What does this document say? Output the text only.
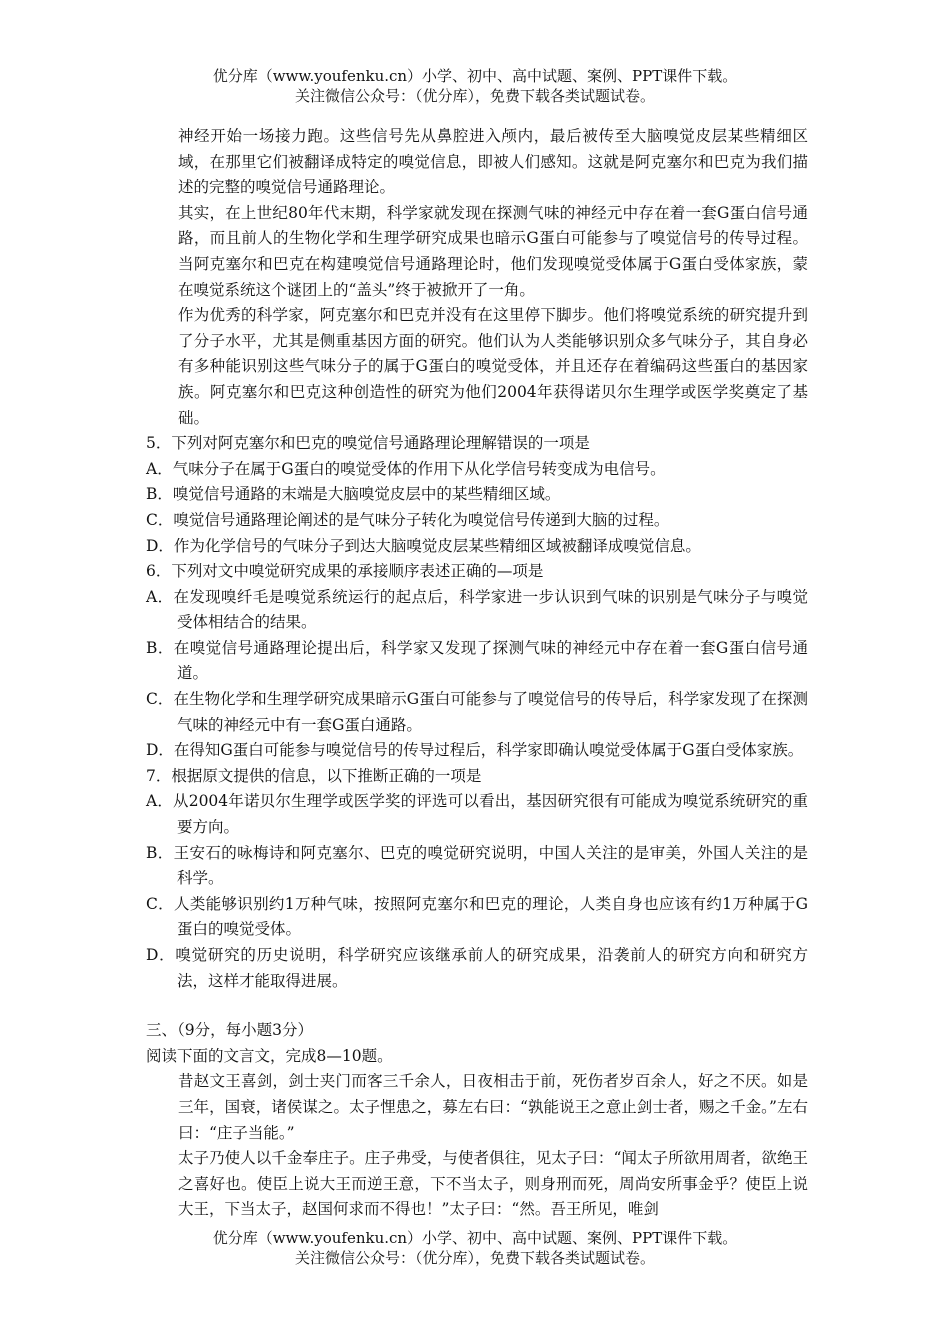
优分库（www.youfenku.cn）小学、初中、高中试题、案例、PPT课件下载。
关注微信公众号：（优分库），免费下载各类试题试卷。
神经开始一场接力跑。这些信号先从鼻腔进入颅内，最后被传至大脑嗅觉皮层某些精细区域，在那里它们被翻译成特定的嗅觉信息，即被人们感知。这就是阿克塞尔和巴克为我们描述的完整的嗅觉信号通路理论。
其实，在上世纪80年代末期，科学家就发现在探测气味的神经元中存在着一套G蛋白信号通路，而且前人的生物化学和生理学研究成果也暗示G蛋白可能参与了嗅觉信号的传导过程。当阿克塞尔和巴克在构建嗅觉信号通路理论时，他们发现嗅觉受体属于G蛋白受体家族，蒙在嗅觉系统这个谜团上的“盖头”终于被掀开了一角。
作为优秀的科学家，阿克塞尔和巴克并没有在这里停下脚步。他们将嗅觉系统的研究提升到了分子水平，尤其是侧重基因方面的研究。他们认为人类能够识别众多气味分子，其自身必有多种能识别这些气味分子的属于G蛋白的嗅觉受体，并且还存在着编码这些蛋白的基因家族。阿克塞尔和巴克这种创造性的研究为他们2004年获得诺贝尔生理学或医学奖奠定了基础。
5．下列对阿克塞尔和巴克的嗅觉信号通路理论理解错误的一项是
A．气味分子在属于G蛋白的嗅觉受体的作用下从化学信号转变成为电信号。
B．嗅觉信号通路的末端是大脑嗅觉皮层中的某些精细区域。
C．嗅觉信号通路理论阐述的是气味分子转化为嗅觉信号传递到大脑的过程。
D．作为化学信号的气味分子到达大脑嗅觉皮层某些精细区域被翻译成嗅觉信息。
6．下列对文中嗅觉研究成果的承接顺序表述正确的—项是
A．在发现嗅纤毛是嗅觉系统运行的起点后，科学家进一步认识到气味的识别是气味分子与嗅觉受体相结合的结果。
B．在嗅觉信号通路理论提出后，科学家又发现了探测气味的神经元中存在着一套G蛋白信号通道。
C．在生物化学和生理学研究成果暗示G蛋白可能参与了嗅觉信号的传导后，科学家发现了在探测气味的神经元中有一套G蛋白通路。
D．在得知G蛋白可能参与嗅觉信号的传导过程后，科学家即确认嗅觉受体属于G蛋白受体家族。
7．根据原文提供的信息，以下推断正确的一项是
A．从2004年诺贝尔生理学或医学奖的评选可以看出，基因研究很有可能成为嗅觉系统研究的重要方向。
B．王安石的咏梅诗和阿克塞尔、巴克的嗅觉研究说明，中国人关注的是审美，外国人关注的是科学。
C．人类能够识别约1万种气味，按照阿克塞尔和巴克的理论，人类自身也应该有约1万种属于G蛋白的嗅觉受体。
D．嗅觉研究的历史说明，科学研究应该继承前人的研究成果，沿袭前人的研究方向和研究方法，这样才能取得进展。
三、（9分，每小题3分）
阅读下面的文言文，完成8—10题。
昔赵文王喜剑，剑士夹门而客三千余人，日夜相击于前，死伤者岁百余人，好之不厌。如是三年，国衰，诸侯谋之。太子悝患之，募左右曰：“孰能说王之意止剑士者，赐之千金。”左右曰：“庄子当能。”
太子乃使人以千金奉庄子。庄子弗受，与使者俱往，见太子曰：“闻太子所欲用周者，欲绝王之喜好也。使臣上说大王而逆王意，下不当太子，则身刑而死，周尚安所事金乎？使臣上说大王，下当太子，赵国何求而不得也！”太子曰：“然。吾王所见，唯剑
优分库（www.youfenku.cn）小学、初中、高中试题、案例、PPT课件下载。
关注微信公众号：（优分库），免费下载各类试题试卷。
